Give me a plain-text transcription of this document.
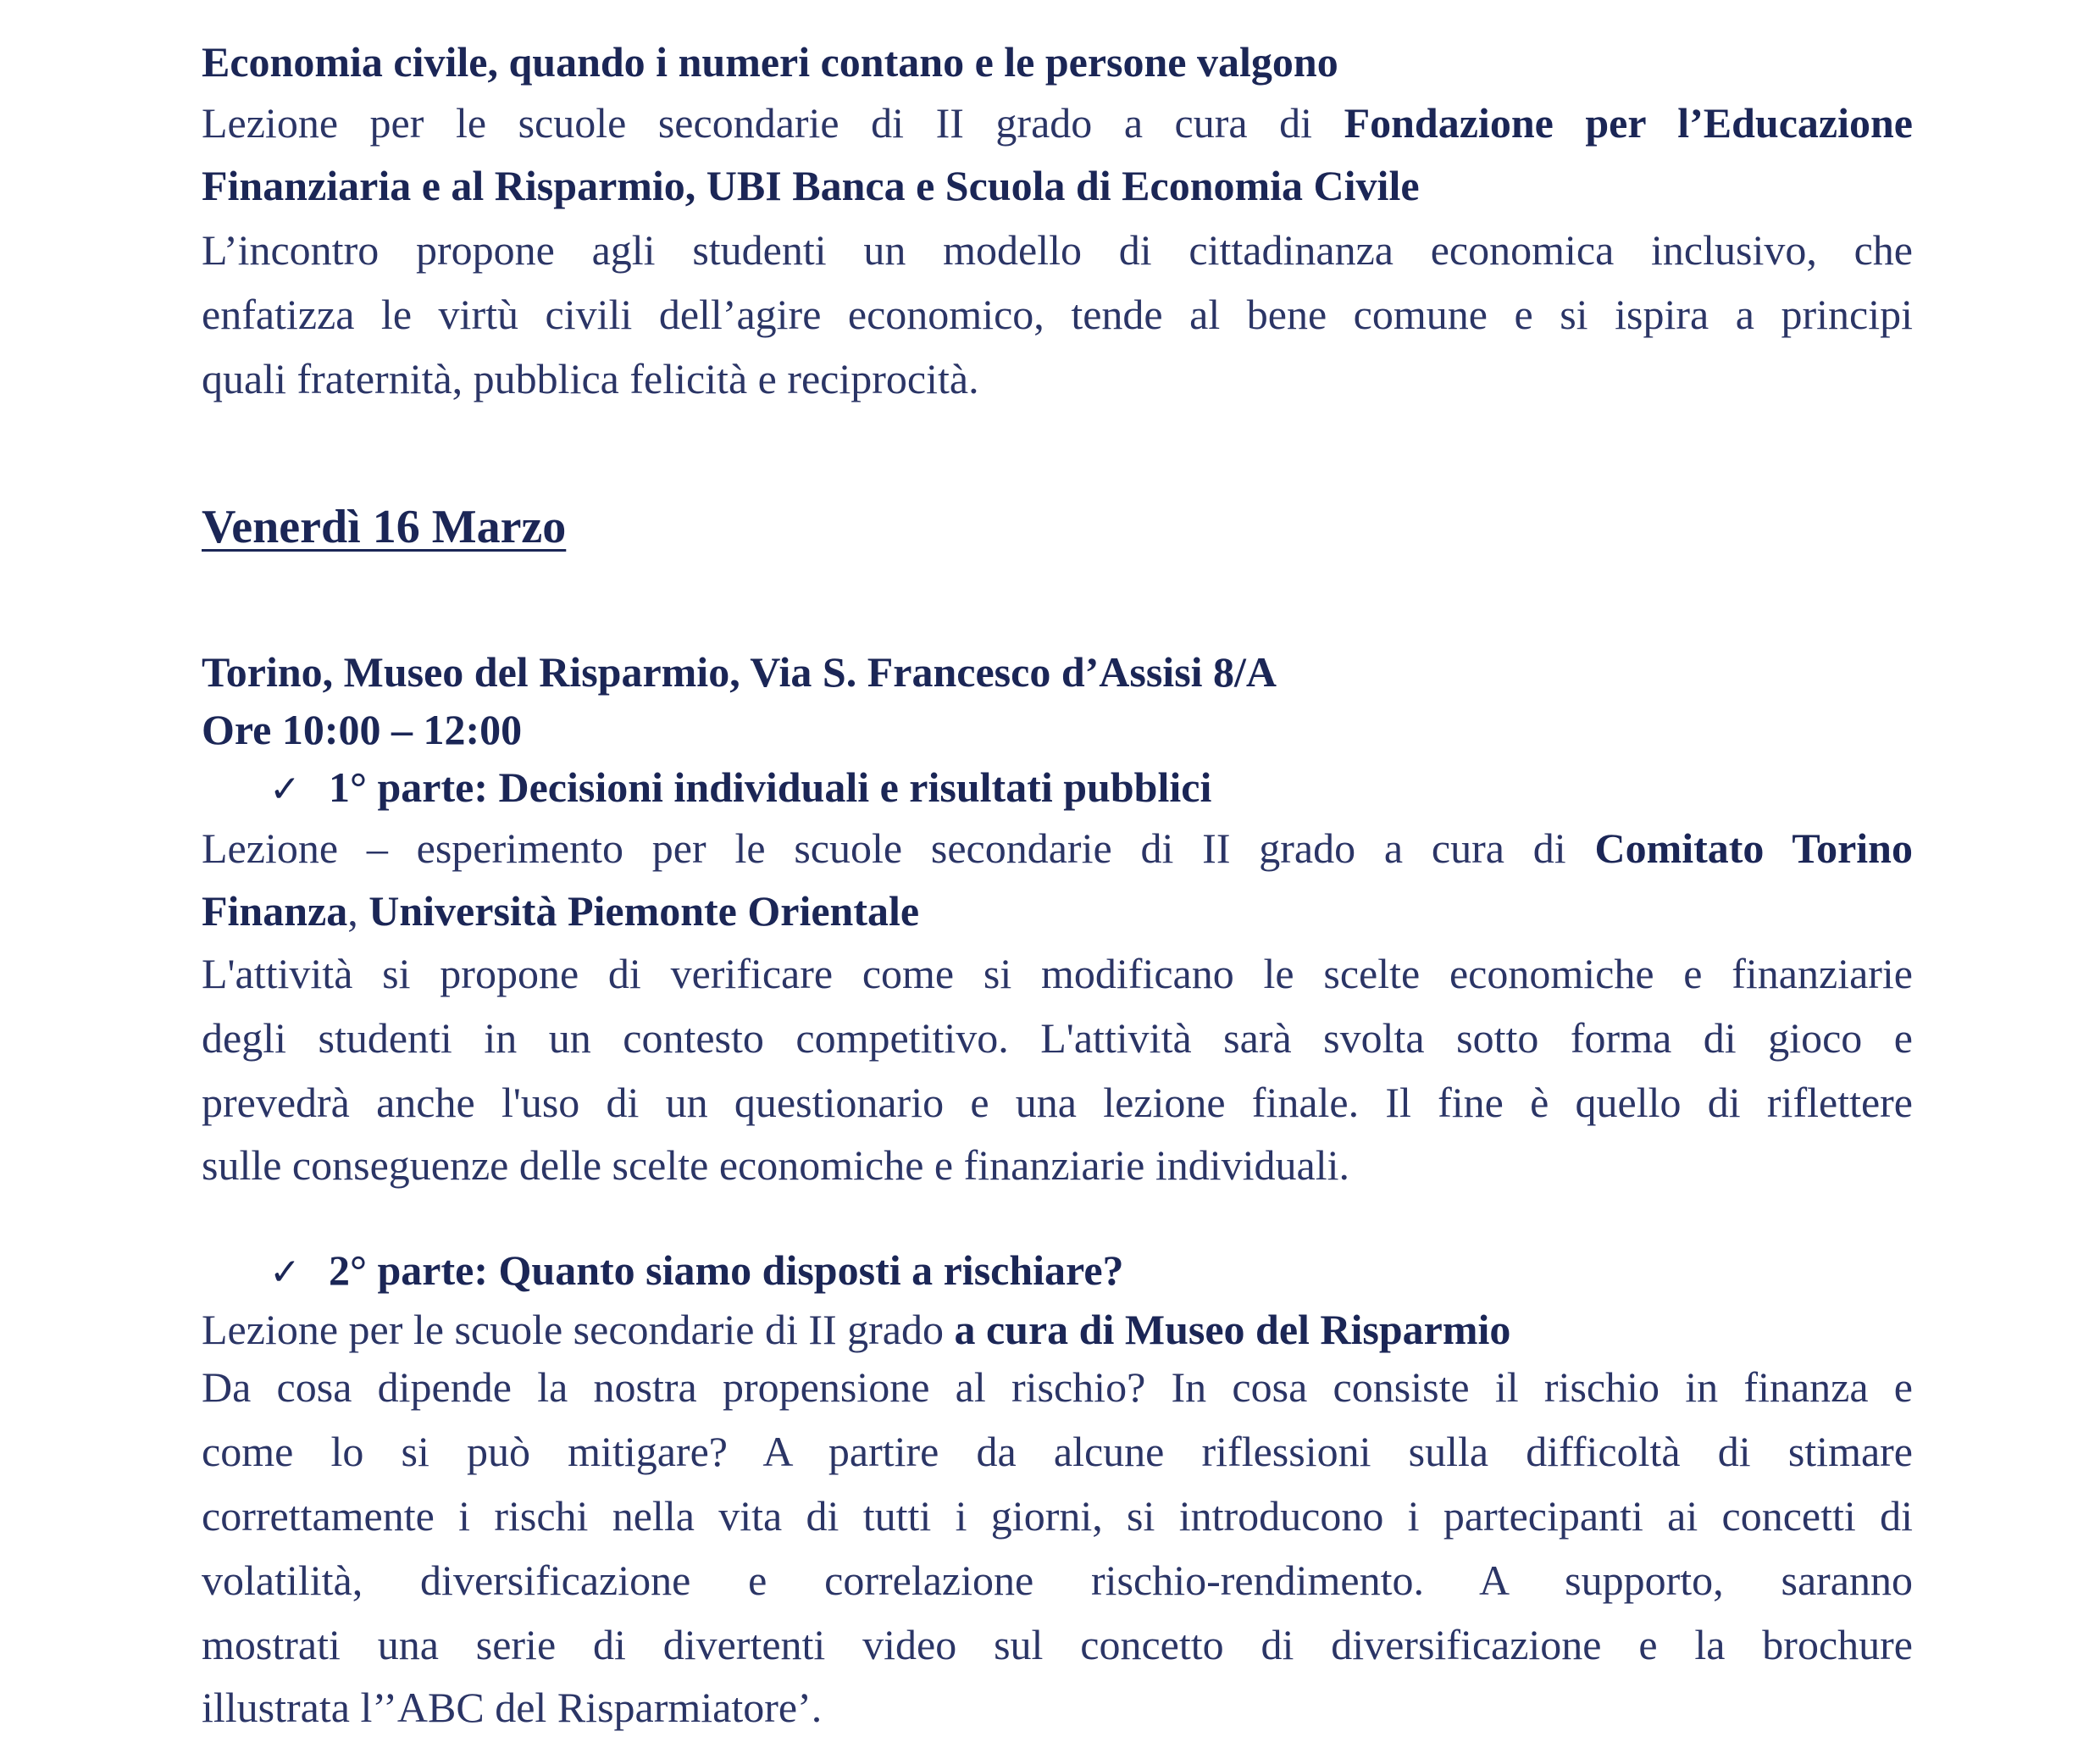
Economia civile, quando i numeri contano e le persone valgono
Lezione per le scuole secondarie di II grado a cura di Fondazione per l’Educazione
Finanziaria e al Risparmio, UBI Banca e Scuola di Economia Civile
L’incontro propone agli studenti un modello di cittadinanza economica inclusivo, che
enfatizza le virtù civili dell’agire economico, tende al bene comune e si ispira a principi
quali fraternità, pubblica felicità e reciprocità.
Venerdì 16 Marzo
Torino, Museo del Risparmio, Via S. Francesco d’Assisi 8/A
Ore 10:00 – 12:00
✓ 1° parte: Decisioni individuali e risultati pubblici
Lezione – esperimento per le scuole secondarie di II grado a cura di Comitato Torino
Finanza, Università Piemonte Orientale
L'attività si propone di verificare come si modificano le scelte economiche e finanziarie
degli studenti in un contesto competitivo. L'attività sarà svolta sotto forma di gioco e
prevedrà anche l'uso di un questionario e una lezione finale. Il fine è quello di riflettere
sulle conseguenze delle scelte economiche e finanziarie individuali.
✓ 2° parte: Quanto siamo disposti a rischiare?
Lezione per le scuole secondarie di II grado a cura di Museo del Risparmio
Da cosa dipende la nostra propensione al rischio? In cosa consiste il rischio in finanza e
come lo si può mitigare? A partire da alcune riflessioni sulla difficoltà di stimare
correttamente i rischi nella vita di tutti i giorni, si introducono i partecipanti ai concetti di
volatilità, diversificazione e correlazione rischio-rendimento. A supporto, saranno
mostrati una serie di divertenti video sul concetto di diversificazione e la brochure
illustrata l’’ABC del Risparmiatore’.
